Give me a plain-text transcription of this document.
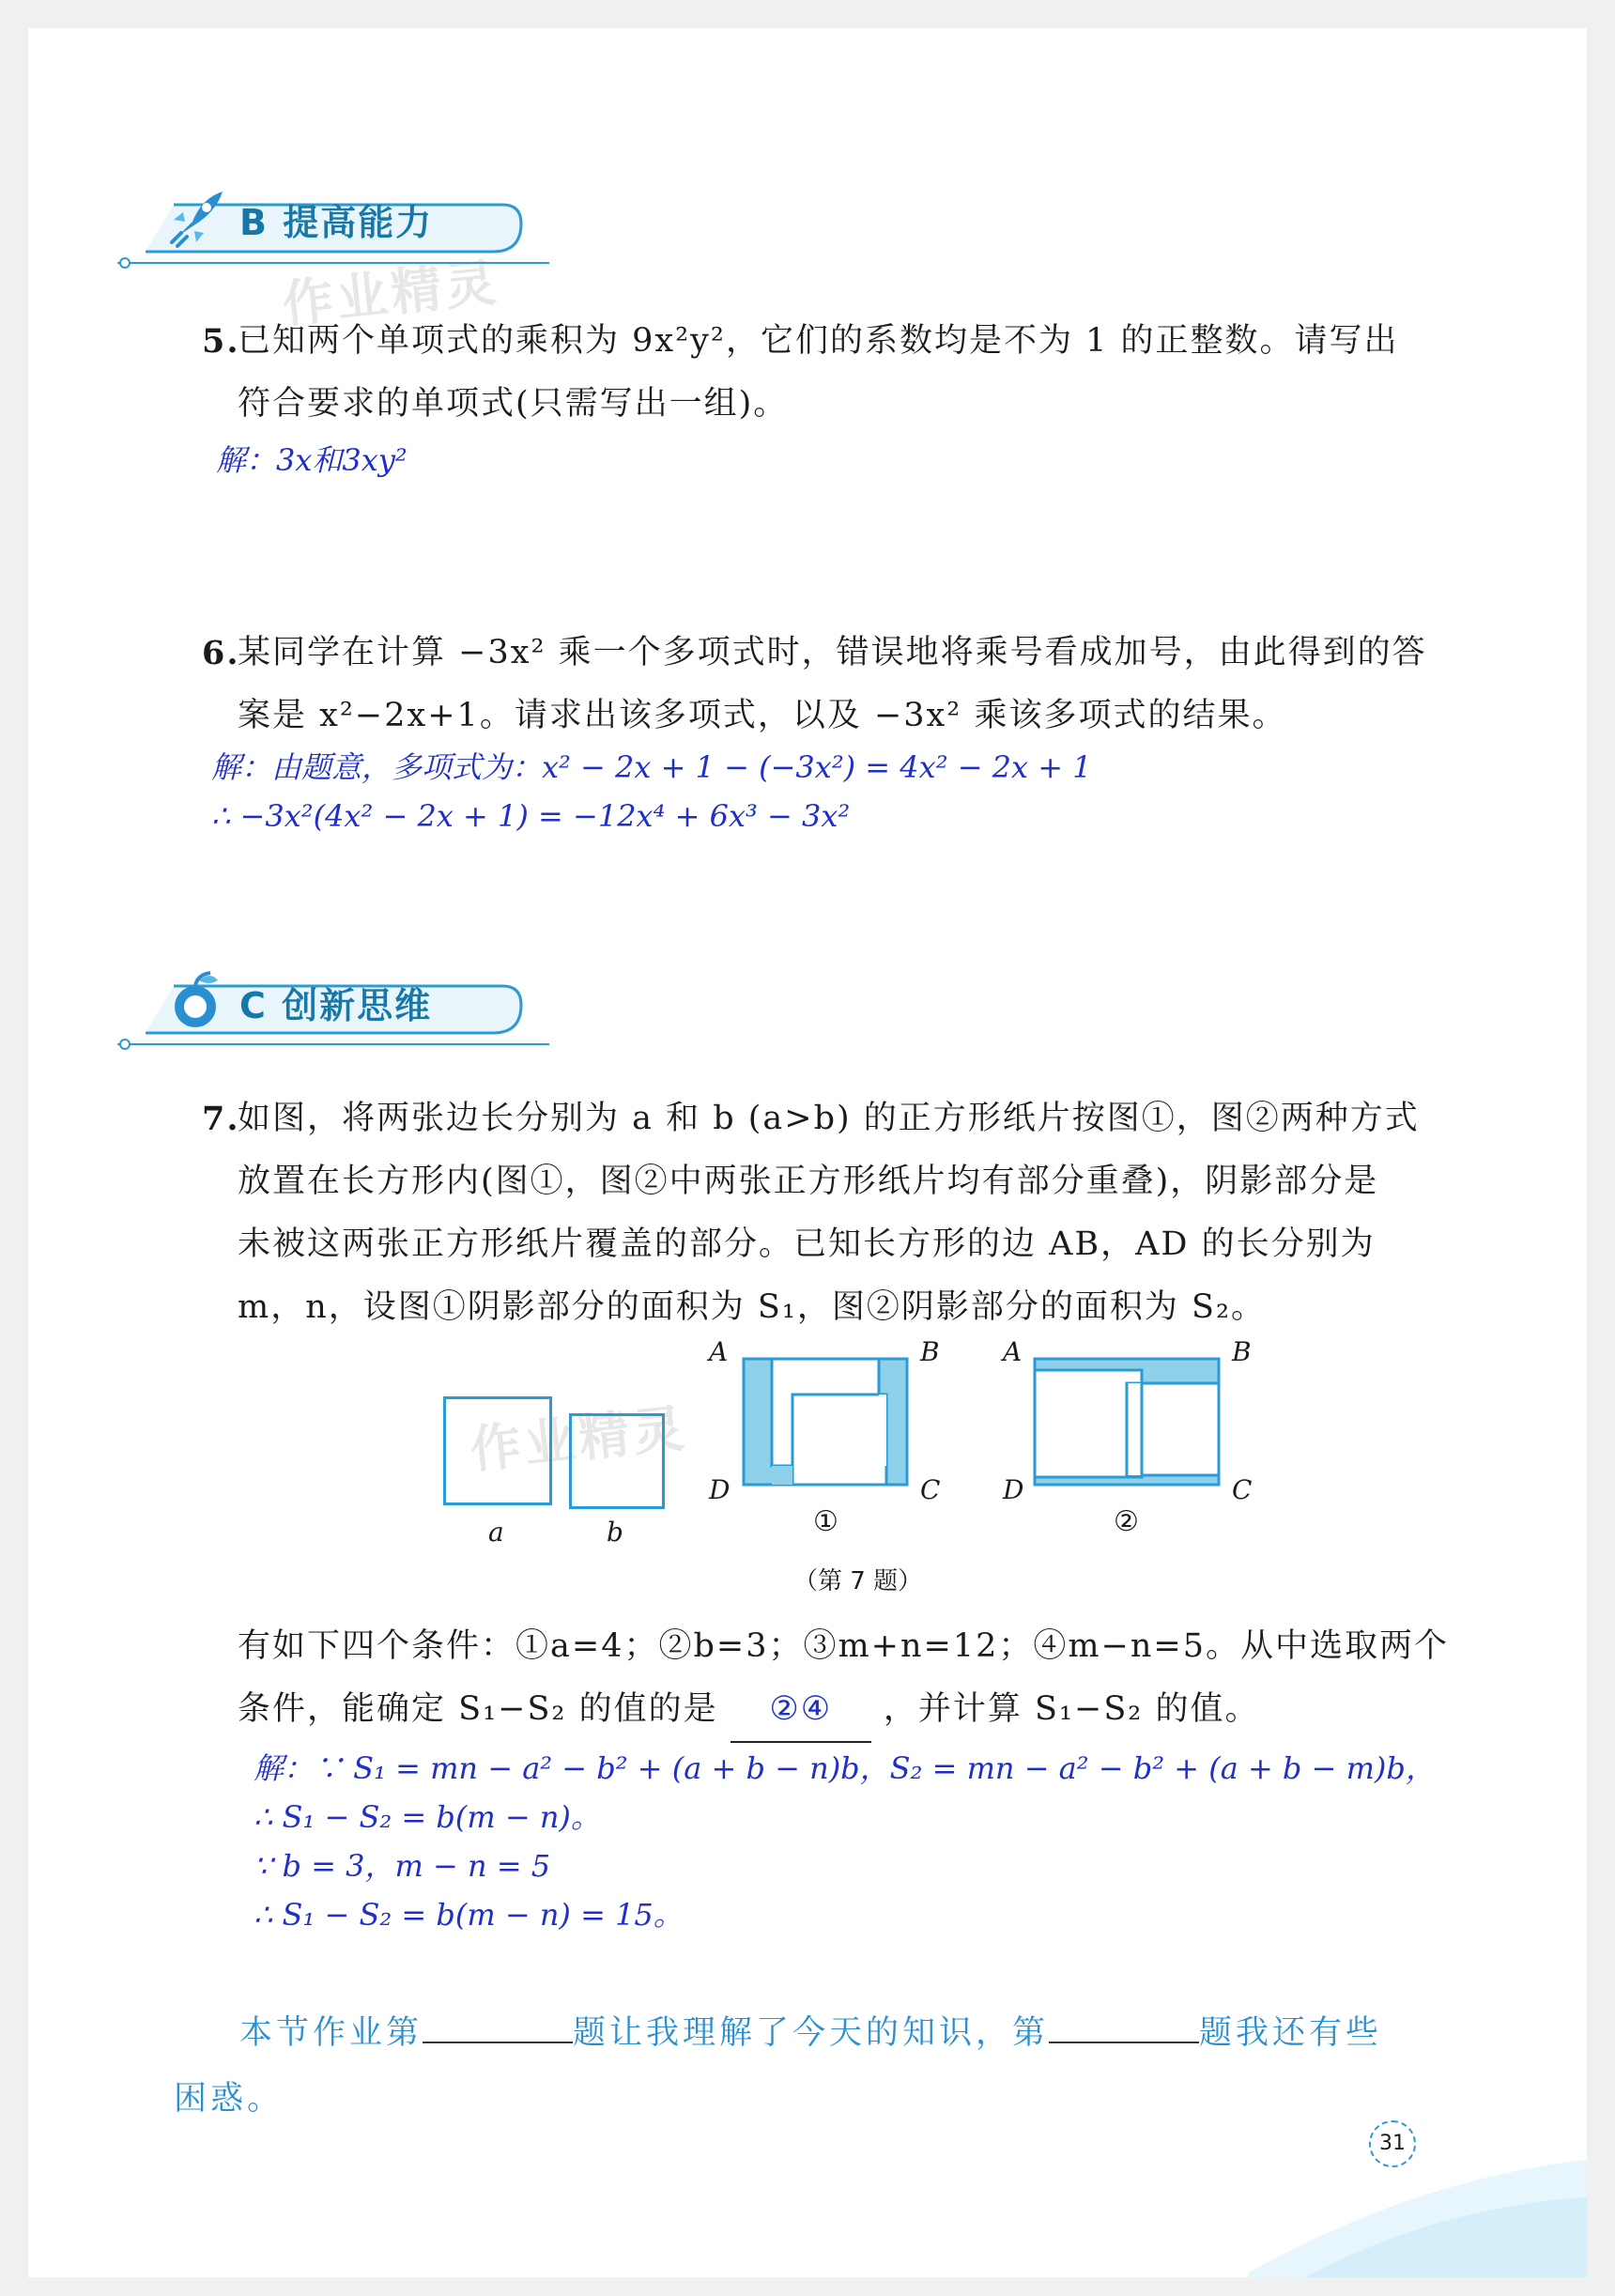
B 提高能力
作业精灵
5.
已知两个单项式的乘积为 9x²y²，它们的系数均是不为 1 的正整数。请写出
符合要求的单项式(只需写出一组)。
解：3x和3xy²
6.
某同学在计算 −3x² 乘一个多项式时，错误地将乘号看成加号，由此得到的答
案是 x²−2x+1。请求出该多项式，以及 −3x² 乘该多项式的结果。
解：由题意，多项式为：x² − 2x + 1 − (−3x²) = 4x² − 2x + 1
∴ −3x²(4x² − 2x + 1) = −12x⁴ + 6x³ − 3x²
C 创新思维
7.
如图，将两张边长分别为 a 和 b (a>b) 的正方形纸片按图①，图②两种方式
放置在长方形内(图①，图②中两张正方形纸片均有部分重叠)，阴影部分是
未被这两张正方形纸片覆盖的部分。已知长方形的边 AB，AD 的长分别为
m，n，设图①阴影部分的面积为 S₁，图②阴影部分的面积为 S₂。
a	b
A	B
D	C
①
A	B
D	C
②
（第 7 题）
作业精灵
有如下四个条件：①a=4；②b=3；③m+n=12；④m−n=5。从中选取两个
条件，能确定 S₁−S₂ 的值的是 ②④ ，并计算 S₁−S₂ 的值。
解：∵ S₁ = mn − a² − b² + (a + b − n)b，S₂ = mn − a² − b² + (a + b − m)b，
∴ S₁ − S₂ = b(m − n)。
∵ b = 3，m − n = 5
∴ S₁ − S₂ = b(m − n) = 15。
本节作业第	题让我理解了今天的知识，第	题我还有些
困惑。
31
